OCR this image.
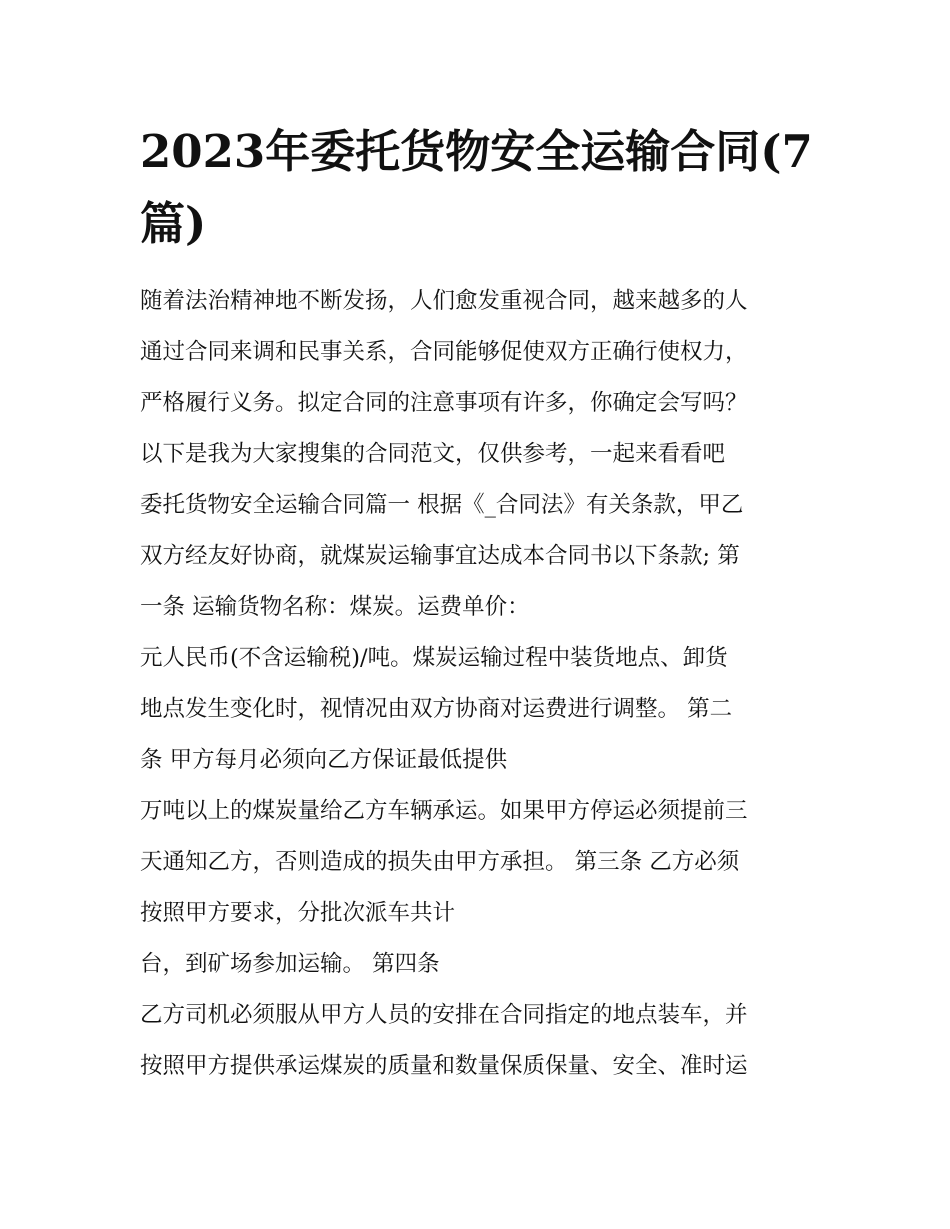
2023年委托货物安全运输合同(7篇)
随着法治精神地不断发扬，人们愈发重视合同，越来越多的人
通过合同来调和民事关系，合同能够促使双方正确行使权力，
严格履行义务。拟定合同的注意事项有许多，你确定会写吗？
以下是我为大家搜集的合同范文，仅供参考，一起来看看吧
委托货物安全运输合同篇一 根据《_合同法》有关条款，甲乙
双方经友好协商，就煤炭运输事宜达成本合同书以下条款; 第
一条 运输货物名称：煤炭。运费单价：
元人民币(不含运输税)/吨。煤炭运输过程中装货地点、卸货
地点发生变化时，视情况由双方协商对运费进行调整。 第二
条 甲方每月必须向乙方保证最低提供
万吨以上的煤炭量给乙方车辆承运。如果甲方停运必须提前三
天通知乙方，否则造成的损失由甲方承担。 第三条 乙方必须
按照甲方要求，分批次派车共计
台，到矿场参加运输。 第四条
乙方司机必须服从甲方人员的安排在合同指定的地点装车，并
按照甲方提供承运煤炭的质量和数量保质保量、安全、准时运
